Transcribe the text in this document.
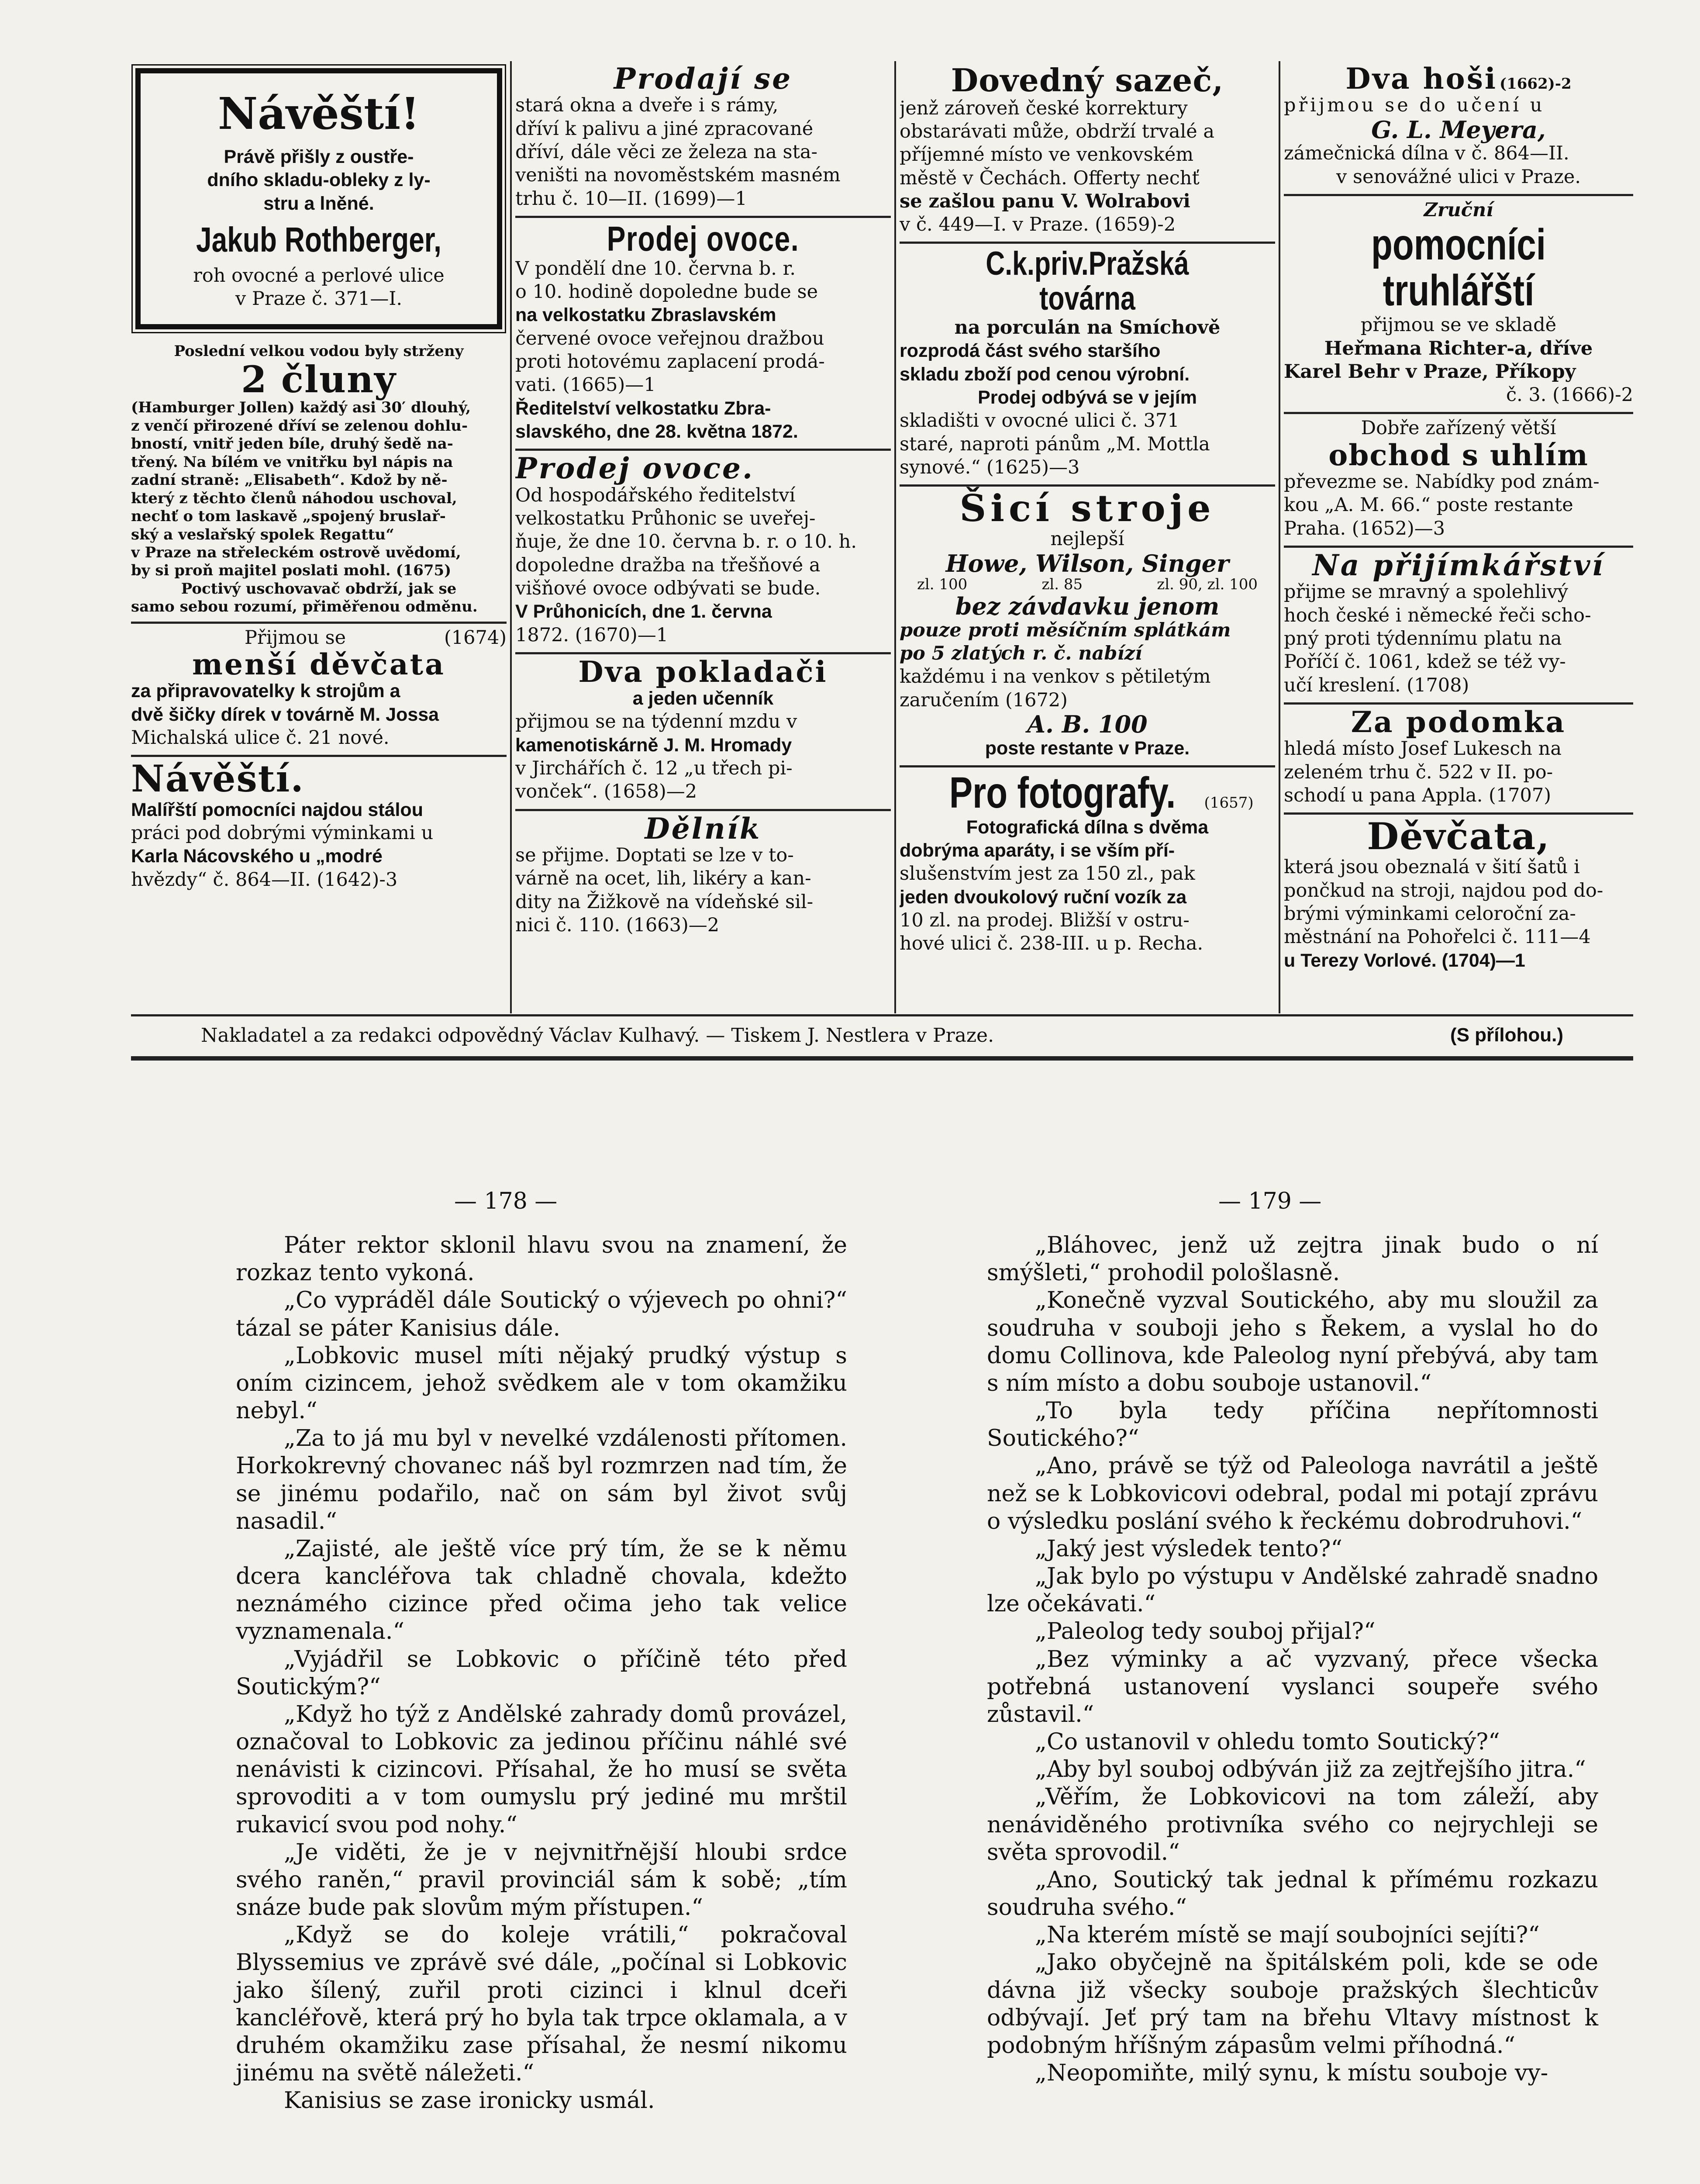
Návěští!

Právě přišly z oustře-

dního skladu-obleky z ly-

stru a lněné.

Jakub Rothberger,

roh ovocné a perlové ulice

v Praze č. 371—I.

Poslední velkou vodou byly strženy

2 čluny

(Hamburger Jollen) každý asi 30′ dlouhý,

z venčí přirozené dříví se zelenou dohlu-

bností, vnitř jeden bíle, druhý šedě na-

třený. Na bílém ve vnitřku byl nápis na

zadní straně: „Elisabeth“. Kdož by ně-

který z těchto členů náhodou uschoval,

nechť o tom laskavě „spojený bruslař-

ský a veslařský spolek Regattu“

v Praze na střeleckém ostrově uvědomí,

by si proň majitel poslati mohl. (1675)

Poctivý uschovavač obdrží, jak se

samo sebou rozumí, přiměřenou odměnu.

Přijmou se	(1674)

menší děvčata

za připravovatelky k strojům a

dvě šičky dírek v továrně M. Jossa

Michalská ulice č. 21 nové.

Návěští.

Malířští pomocníci najdou stálou

práci pod dobrými výminkami u

Karla Nácovského u „modré

hvězdy“ č. 864—II. (1642)-3

Prodají se

stará okna a dveře i s rámy,

dříví k palivu a jiné zpracované

dříví, dále věci ze železa na sta-

veništi na novoměstském masném

trhu č. 10—II. (1699)—1

Prodej ovoce.

V pondělí dne 10. června b. r.

o 10. hodině dopoledne bude se

na velkostatku Zbraslavském

červené ovoce veřejnou dražbou

proti hotovému zaplacení prodá-

vati. (1665)—1

Ředitelství velkostatku Zbra-

slavského, dne 28. května 1872.

Prodej ovoce.

Od hospodářského ředitelství

velkostatku Průhonic se uveřej-

ňuje, že dne 10. června b. r. o 10. h.

dopoledne dražba na třešňové a

višňové ovoce odbývati se bude.

V Průhonicích, dne 1. června

1872. (1670)—1

Dva pokladači

a jeden učenník

přijmou se na týdenní mzdu v

kamenotiskárně J. M. Hromady

v Jirchářích č. 12 „u třech pi-

vonček“. (1658)—2

Dělník

se přijme. Doptati se lze v to-

várně na ocet, lih, likéry a kan-

dity na Žižkově na vídeňské sil-

nici č. 110. (1663)—2

Dovedný sazeč,

jenž zároveň české korrektury

obstarávati může, obdrží trvalé a

příjemné místo ve venkovském

městě v Čechách. Offerty nechť

se zašlou panu V. Wolrabovi

v č. 449—I. v Praze. (1659)-2

C.k.priv.Pražská továrna

na porculán na Smíchově

rozprodá část svého staršího

skladu zboží pod cenou výrobní.

Prodej odbývá se v jejím

skladišti v ovocné ulici č. 371

staré, naproti pánům „M. Mottla

synové.“ (1625)—3

Šicí stroje

nejlepší

Howe, Wilson, Singer

zl. 100	zl. 85	zl. 90, zl. 100

bez závdavku jenom

pouze proti měsíčním splátkám

po 5 zlatých r. č. nabízí

každému i na venkov s pětiletým

zaručením (1672)

A. B. 100

poste restante v Praze.

Pro fotografy. (1657)

Fotografická dílna s dvěma

dobrýma aparáty, i se vším pří-

slušenstvím jest za 150 zl., pak

jeden dvoukolový ruční vozík za

10 zl. na prodej. Bližší v ostru-

hové ulici č. 238-III. u p. Recha.

Dva hoši (1662)-2

přijmou se do učení u

G. L. Meyera,

zámečnická dílna v č. 864—II.

v senovážné ulici v Praze.

Zruční

pomocníci truhlářští

přijmou se ve skladě

Heřmana Richter-a, dříve

Karel Behr v Praze, Příkopy

č. 3. (1666)-2

Dobře zařízený větší

obchod s uhlím

převezme se. Nabídky pod znám-

kou „A. M. 66.“ poste restante

Praha. (1652)—3

Na přijímkářství

přijme se mravný a spolehlivý

hoch české i německé řeči scho-

pný proti týdennímu platu na

Poříčí č. 1061, kdež se též vy-

učí kreslení. (1708)

Za podomka

hledá místo Josef Lukesch na

zeleném trhu č. 522 v II. po-

schodí u pana Appla. (1707)

Děvčata,

která jsou obeznalá v šití šatů i

pončkud na stroji, najdou pod do-

brými výminkami celoroční za-

městnání na Pohořelci č. 111—4

u Terezy Vorlové. (1704)—1

Nakladatel a za redakci odpovědný Václav Kulhavý. — Tiskem J. Nestlera v Praze.	(S přílohou.)
— 178 —	— 179 —

Páter rektor sklonil hlavu svou na znamení, že rozkaz tento vykoná.

„Co vypráděl dále Soutický o výjevech po ohni?“ tázal se páter Kanisius dále.

„Lobkovic musel míti nějaký prudký výstup s oním cizincem, jehož svědkem ale v tom okamžiku nebyl.“

„Za to já mu byl v nevelké vzdálenosti přítomen. Horkokrevný chovanec náš byl rozmrzen nad tím, že se jinému podařilo, nač on sám byl život svůj nasadil.“

„Zajisté, ale ještě více prý tím, že se k němu dcera kancléřova tak chladně chovala, kdežto neznámého cizince před očima jeho tak velice vyznamenala.“

„Vyjádřil se Lobkovic o příčině této před Soutickým?“

„Když ho týž z Andělské zahrady domů provázel, označoval to Lobkovic za jedinou příčinu náhlé své nenávisti k cizincovi. Přísahal, že ho musí se světa sprovoditi a v tom oumyslu prý jediné mu mrštil rukavicí svou pod nohy.“

„Je viděti, že je v nejvnitřnější hloubi srdce svého raněn,“ pravil provinciál sám k sobě; „tím snáze bude pak slovům mým přístupen.“

„Když se do koleje vrátili,“ pokračoval Blyssemius ve zprávě své dále, „počínal si Lobkovic jako šílený, zuřil proti cizinci i klnul dceři kancléřově, která prý ho byla tak trpce oklamala, a v druhém okamžiku zase přísahal, že nesmí nikomu jinému na světě náležeti.“

Kanisius se zase ironicky usmál.

„Bláhovec, jenž už zejtra jinak budo o ní smýšleti,“ prohodil pološlasně.

„Konečně vyzval Soutického, aby mu sloužil za soudruha v souboji jeho s Řekem, a vyslal ho do domu Collinova, kde Paleolog nyní přebývá, aby tam s ním místo a dobu souboje ustanovil.“

„To byla tedy příčina nepřítomnosti Soutického?“

„Ano, právě se týž od Paleologa navrátil a ještě než se k Lobkovicovi odebral, podal mi potají zprávu o výsledku poslání svého k řeckému dobrodruhovi.“

„Jaký jest výsledek tento?“

„Jak bylo po výstupu v Andělské zahradě snadno lze očekávati.“

„Paleolog tedy souboj přijal?“

„Bez výminky a ač vyzvaný, přece všecka potřebná ustanovení vyslanci soupeře svého zůstavil.“

„Co ustanovil v ohledu tomto Soutický?“

„Aby byl souboj odbýván již za zejtřejšího jitra.“

„Věřím, že Lobkovicovi na tom záleží, aby nenáviděného protivníka svého co nejrychleji se světa sprovodil.“

„Ano, Soutický tak jednal k přímému rozkazu soudruha svého.“

„Na kterém místě se mají soubojníci sejíti?“

„Jako obyčejně na špitálském poli, kde se ode dávna již všecky souboje pražských šlechticův odbývají. Jeť prý tam na břehu Vltavy místnost k podobným hříšným zápasům velmi příhodná.“

„Neopomiňte, milý synu, k místu souboje vy-
